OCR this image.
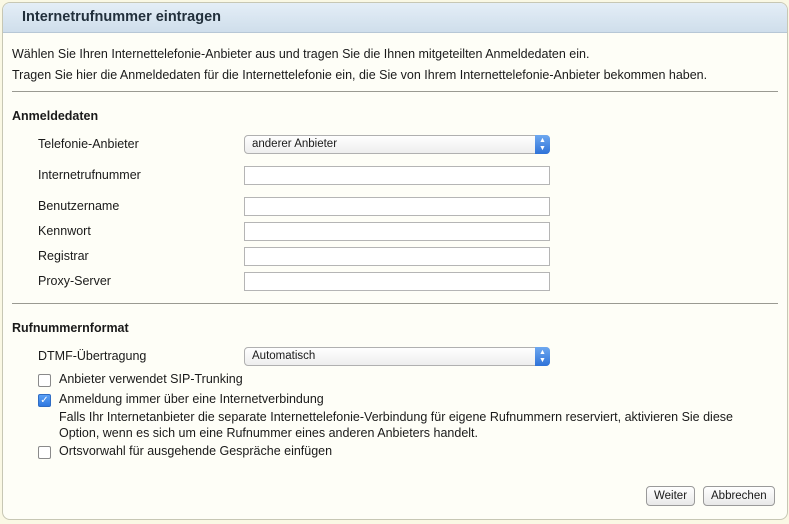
Internetrufnummer eintragen
Wählen Sie Ihren Internettelefonie-Anbieter aus und tragen Sie die Ihnen mitgeteilten Anmeldedaten ein.
Tragen Sie hier die Anmeldedaten für die Internettelefonie ein, die Sie von Ihrem Internettelefonie-Anbieter bekommen haben.
Anmeldedaten
Telefonie-Anbieter	anderer Anbieter	▲
▼
Internetrufnummer
Benutzername
Kennwort
Registrar
Proxy-Server
Rufnummernformat
DTMF-Übertragung	Automatisch	▲
▼
Anbieter verwendet SIP-Trunking
✓ Anmeldung immer über eine Internetverbindung
Falls Ihr Internetanbieter die separate Internettelefonie-Verbindung für eigene Rufnummern reserviert, aktivieren Sie diese Option, wenn es sich um eine Rufnummer eines anderen Anbieters handelt.
Ortsvorwahl für ausgehende Gespräche einfügen
Weiter	Abbrechen
